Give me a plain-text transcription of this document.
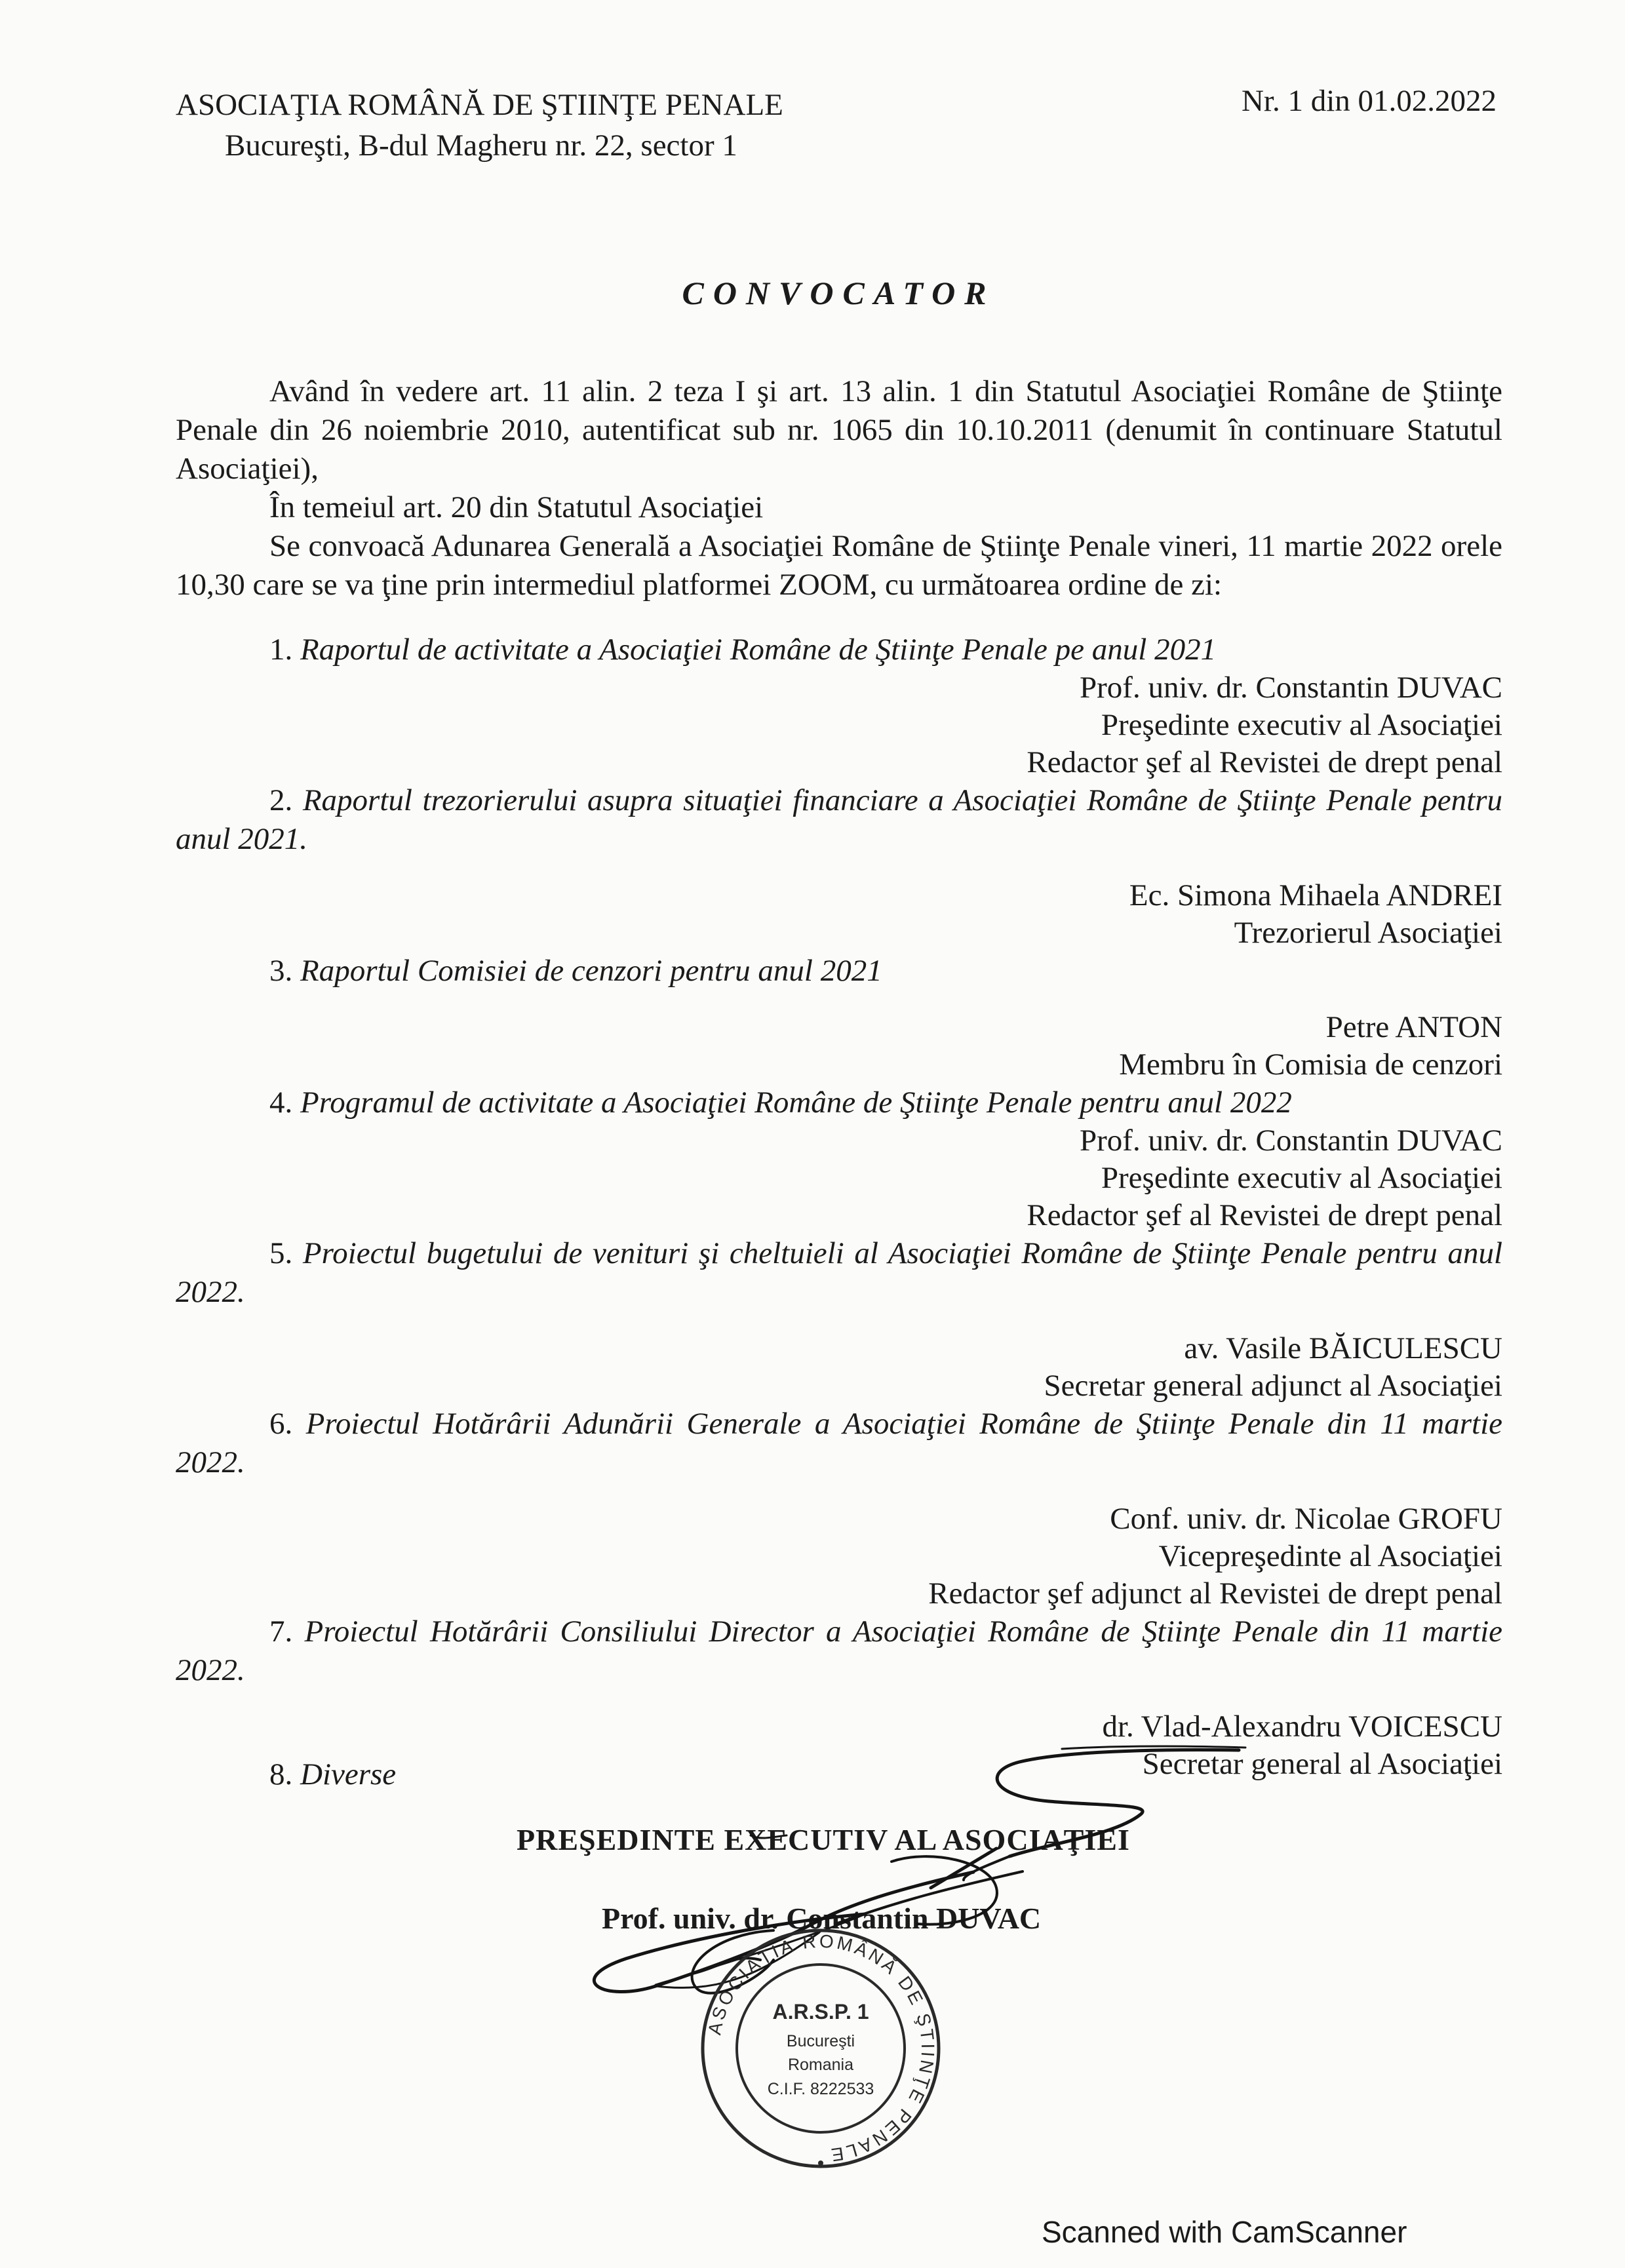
ASOCIAŢIA ROMÂNĂ DE ŞTIINŢE PENALE
Bucureşti, B-dul Magheru nr. 22, sector 1
Nr. 1 din 01.02.2022
CONVOCATOR

Având în vedere art. 11 alin. 2 teza I şi art. 13 alin. 1 din Statutul Asociaţiei Române de Ştiinţe Penale din 26 noiembrie 2010, autentificat sub nr. 1065 din 10.10.2011 (denumit în continuare Statutul Asociaţiei),

În temeiul art. 20 din Statutul Asociaţiei

Se convoacă Adunarea Generală a Asociaţiei Române de Ştiinţe Penale vineri, 11 martie 2022 orele 10,30 care se va ţine prin intermediul platformei ZOOM, cu următoarea ordine de zi:

1. Raportul de activitate a Asociaţiei Române de Ştiinţe Penale pe anul 2021

Prof. univ. dr. Constantin DUVAC

Preşedinte executiv al Asociaţiei

Redactor şef al Revistei de drept penal

2. Raportul trezorierului asupra situaţiei financiare a Asociaţiei Române de Ştiinţe Penale pentru anul 2021.

Ec. Simona Mihaela ANDREI

Trezorierul Asociaţiei

3. Raportul Comisiei de cenzori pentru anul 2021

Petre ANTON

Membru în Comisia de cenzori

4. Programul de activitate a Asociaţiei Române de Ştiinţe Penale pentru anul 2022

Prof. univ. dr. Constantin DUVAC

Preşedinte executiv al Asociaţiei

Redactor şef al Revistei de drept penal

5. Proiectul bugetului de venituri şi cheltuieli al Asociaţiei Române de Ştiinţe Penale pentru anul 2022.

av. Vasile BĂICULESCU

Secretar general adjunct al Asociaţiei

6. Proiectul Hotărârii Adunării Generale a Asociaţiei Române de Ştiinţe Penale din 11 martie 2022.

Conf. univ. dr. Nicolae GROFU

Vicepreşedinte al Asociaţiei

Redactor şef adjunct al Revistei de drept penal

7. Proiectul Hotărârii Consiliului Director a Asociaţiei Române de Ştiinţe Penale din 11 martie 2022.

dr. Vlad-Alexandru VOICESCU

Secretar general al Asociaţiei

8. Diverse
PREŞEDINTE EXECUTIV AL ASOCIAŢIEI
Prof. univ. dr. Constantin DUVAC
ASOCIAŢIA ROMÂNĂ DE ŞTIINŢE PENALE
A.R.S.P. 1
Bucureşti
Romania
C.I.F. 8222533
Scanned with CamScanner
